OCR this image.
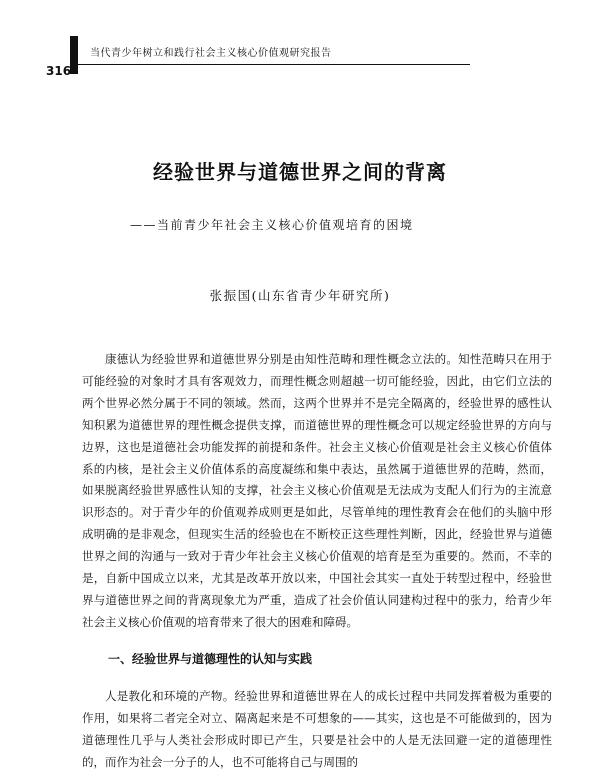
当代青少年树立和践行社会主义核心价值观研究报告
316
经验世界与道德世界之间的背离
——当前青少年社会主义核心价值观培育的困境
张振国(山东省青少年研究所)

康德认为经验世界和道德世界分别是由知性范畴和理性概念立法的。知性范畴只在用于可能经验的对象时才具有客观效力，而理性概念则超越一切可能经验，因此，由它们立法的两个世界必然分属于不同的领域。然而，这两个世界并不是完全隔离的，经验世界的感性认知积累为道德世界的理性概念提供支撑，而道德世界的理性概念可以规定经验世界的方向与边界，这也是道德社会功能发挥的前提和条件。社会主义核心价值观是社会主义核心价值体系的内核，是社会主义价值体系的高度凝练和集中表达，虽然属于道德世界的范畴，然而，如果脱离经验世界感性认知的支撑，社会主义核心价值观是无法成为支配人们行为的主流意识形态的。对于青少年的价值观养成则更是如此，尽管单纯的理性教育会在他们的头脑中形成明确的是非观念，但现实生活的经验也在不断校正这些理性判断，因此，经验世界与道德世界之间的沟通与一致对于青少年社会主义核心价值观的培育是至为重要的。然而，不幸的是，自新中国成立以来，尤其是改革开放以来，中国社会其实一直处于转型过程中，经验世界与道德世界之间的背离现象尤为严重，造成了社会价值认同建构过程中的张力，给青少年社会主义核心价值观的培育带来了很大的困难和障碍。

一、经验世界与道德理性的认知与实践

人是教化和环境的产物。经验世界和道德世界在人的成长过程中共同发挥着极为重要的作用，如果将二者完全对立、隔离起来是不可想象的——其实，这也是不可能做到的，因为道德理性几乎与人类社会形成时即已产生，只要是社会中的人是无法回避一定的道德理性的，而作为社会一分子的人，也不可能将自己与周围的
